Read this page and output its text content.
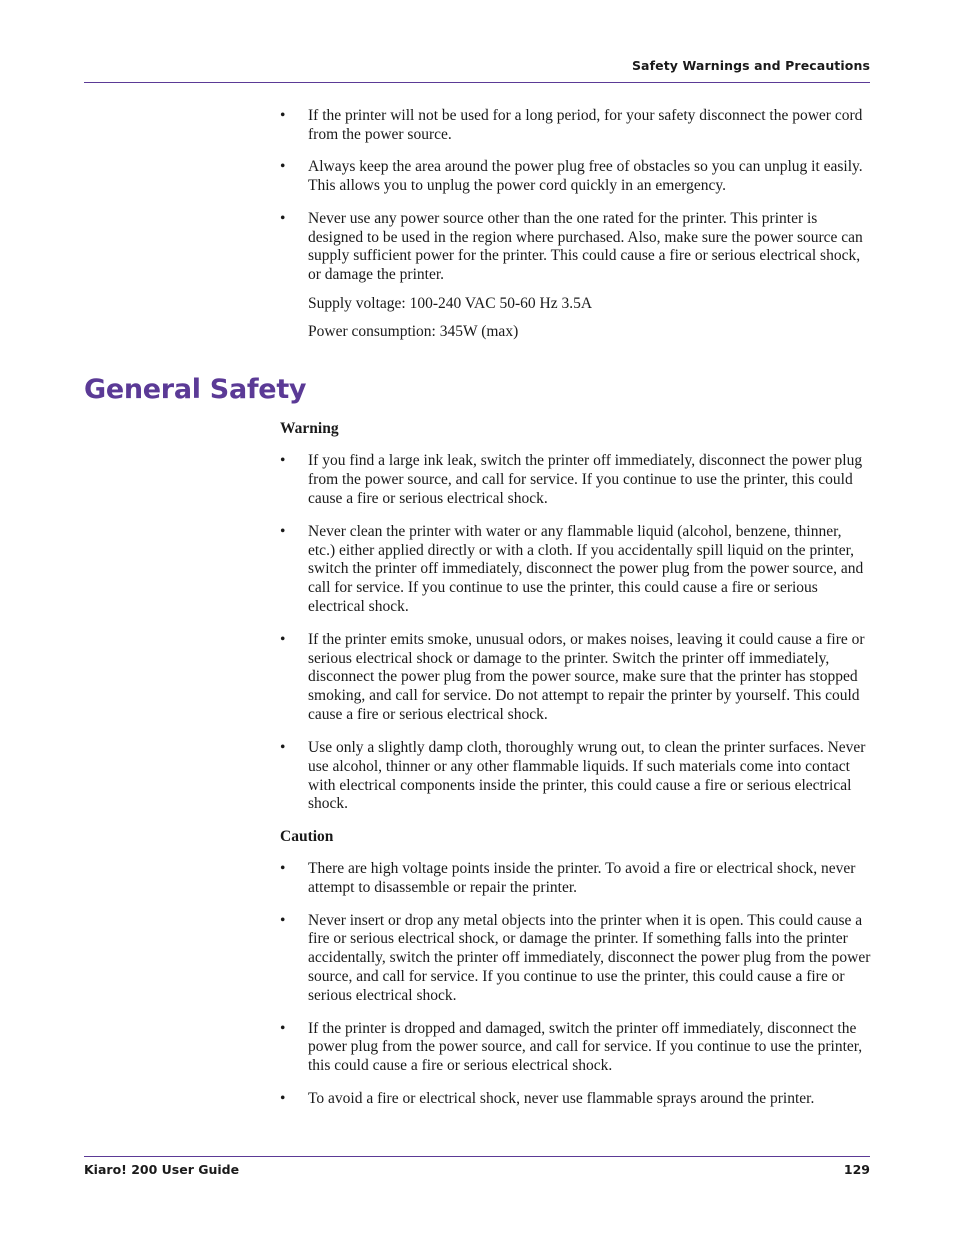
Safety Warnings and Precautions
• If the printer will not be used for a long period, for your safety disconnect the power cord from the power source.
• Always keep the area around the power plug free of obstacles so you can unplug it easily. This allows you to unplug the power cord quickly in an emergency.
• Never use any power source other than the one rated for the printer. This printer is designed to be used in the region where purchased. Also, make sure the power source can supply sufficient power for the printer. This could cause a fire or serious electrical shock, or damage the printer.

Supply voltage: 100-240 VAC 50-60 Hz 3.5A

Power consumption: 345W (max)

General Safety

Warning

• If you find a large ink leak, switch the printer off immediately, disconnect the power plug from the power source, and call for service. If you continue to use the printer, this could cause a fire or serious electrical shock.
• Never clean the printer with water or any flammable liquid (alcohol, benzene, thinner, etc.) either applied directly or with a cloth. If you accidentally spill liquid on the printer, switch the printer off immediately, disconnect the power plug from the power source, and call for service. If you continue to use the printer, this could cause a fire or serious electrical shock.
• If the printer emits smoke, unusual odors, or makes noises, leaving it could cause a fire or serious electrical shock or damage to the printer. Switch the printer off immediately, disconnect the power plug from the power source, make sure that the printer has stopped smoking, and call for service. Do not attempt to repair the printer by yourself. This could cause a fire or serious electrical shock.
• Use only a slightly damp cloth, thoroughly wrung out, to clean the printer surfaces. Never use alcohol, thinner or any other flammable liquids. If such materials come into contact with electrical components inside the printer, this could cause a fire or serious electrical shock.

Caution

• There are high voltage points inside the printer. To avoid a fire or electrical shock, never attempt to disassemble or repair the printer.
• Never insert or drop any metal objects into the printer when it is open. This could cause a fire or serious electrical shock, or damage the printer. If something falls into the printer accidentally, switch the printer off immediately, disconnect the power plug from the power source, and call for service. If you continue to use the printer, this could cause a fire or serious electrical shock.
• If the printer is dropped and damaged, switch the printer off immediately, disconnect the power plug from the power source, and call for service. If you continue to use the printer, this could cause a fire or serious electrical shock.
• To avoid a fire or electrical shock, never use flammable sprays around the printer.
Kiaro! 200 User Guide	129
